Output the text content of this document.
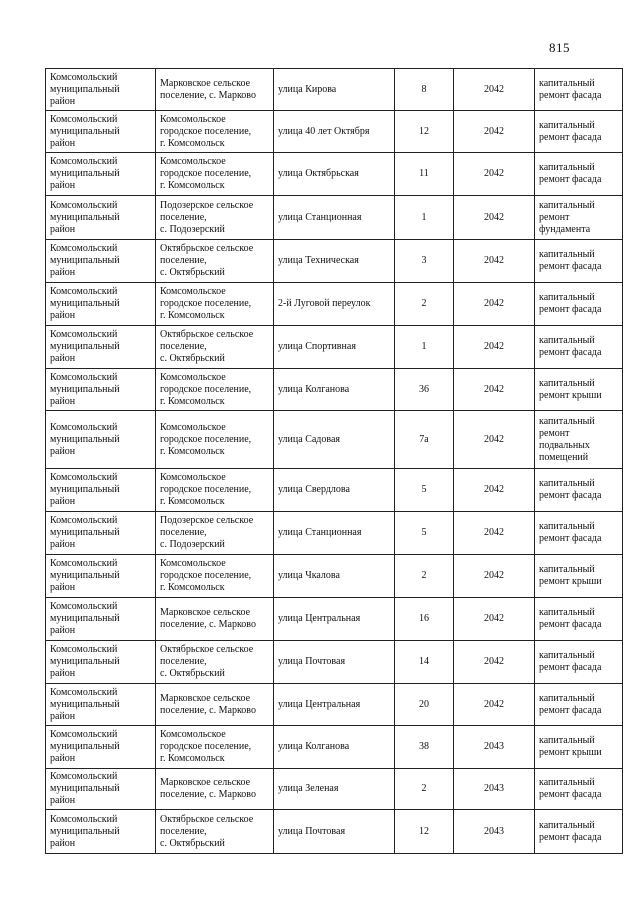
815
Комсомольский
муниципальный
район	Марковское сельское
поселение, с. Марково	улица Кирова	8	2042	капитальный
ремонт фасада
Комсомольский
муниципальный
район	Комсомольское
городское поселение,
г. Комсомольск	улица 40 лет Октября	12	2042	капитальный
ремонт фасада
Комсомольский
муниципальный
район	Комсомольское
городское поселение,
г. Комсомольск	улица Октябрьская	11	2042	капитальный
ремонт фасада
Комсомольский
муниципальный
район	Подозерское сельское
поселение,
с. Подозерский	улица Станционная	1	2042	капитальный
ремонт
фундамента
Комсомольский
муниципальный
район	Октябрьское сельское
поселение,
с. Октябрьский	улица Техническая	3	2042	капитальный
ремонт фасада
Комсомольский
муниципальный
район	Комсомольское
городское поселение,
г. Комсомольск	2-й Луговой переулок	2	2042	капитальный
ремонт фасада
Комсомольский
муниципальный
район	Октябрьское сельское
поселение,
с. Октябрьский	улица Спортивная	1	2042	капитальный
ремонт фасада
Комсомольский
муниципальный
район	Комсомольское
городское поселение,
г. Комсомольск	улица Колганова	36	2042	капитальный
ремонт крыши
Комсомольский
муниципальный
район	Комсомольское
городское поселение,
г. Комсомольск	улица Садовая	7а	2042	капитальный
ремонт
подвальных
помещений
Комсомольский
муниципальный
район	Комсомольское
городское поселение,
г. Комсомольск	улица Свердлова	5	2042	капитальный
ремонт фасада
Комсомольский
муниципальный
район	Подозерское сельское
поселение,
с. Подозерский	улица Станционная	5	2042	капитальный
ремонт фасада
Комсомольский
муниципальный
район	Комсомольское
городское поселение,
г. Комсомольск	улица Чкалова	2	2042	капитальный
ремонт крыши
Комсомольский
муниципальный
район	Марковское сельское
поселение, с. Марково	улица Центральная	16	2042	капитальный
ремонт фасада
Комсомольский
муниципальный
район	Октябрьское сельское
поселение,
с. Октябрьский	улица Почтовая	14	2042	капитальный
ремонт фасада
Комсомольский
муниципальный
район	Марковское сельское
поселение, с. Марково	улица Центральная	20	2042	капитальный
ремонт фасада
Комсомольский
муниципальный
район	Комсомольское
городское поселение,
г. Комсомольск	улица Колганова	38	2043	капитальный
ремонт крыши
Комсомольский
муниципальный
район	Марковское сельское
поселение, с. Марково	улица Зеленая	2	2043	капитальный
ремонт фасада
Комсомольский
муниципальный
район	Октябрьское сельское
поселение,
с. Октябрьский	улица Почтовая	12	2043	капитальный
ремонт фасада
